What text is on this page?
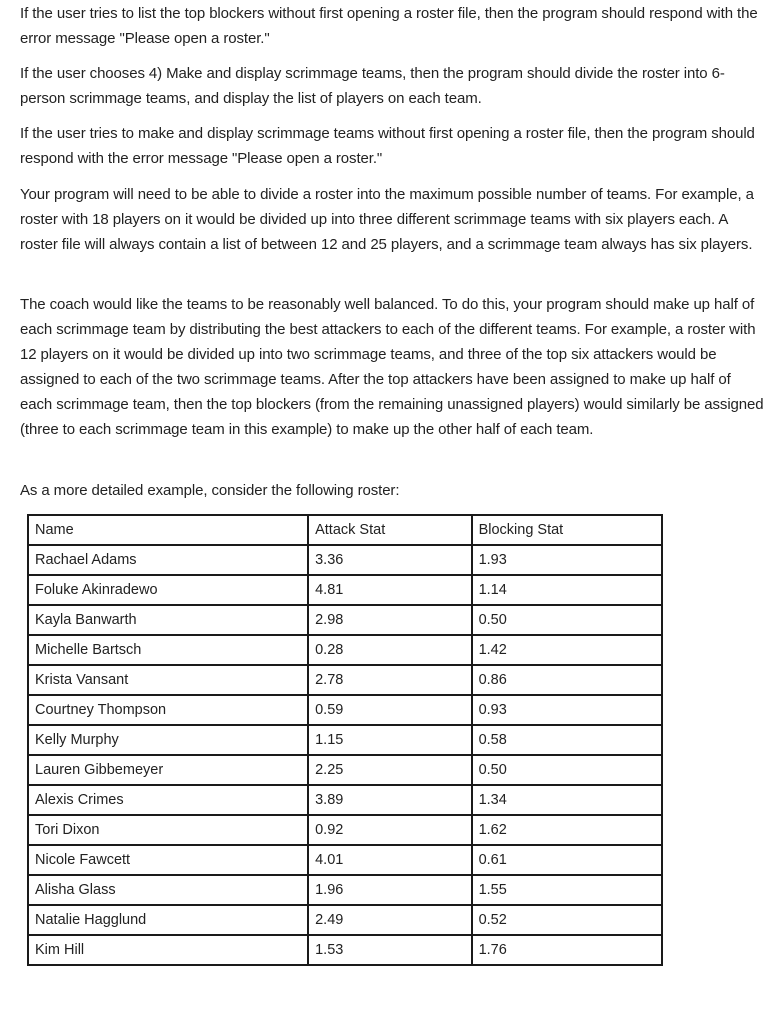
If the user tries to list the top blockers without first opening a roster file, then the program should respond with the error message "Please open a roster."

If the user chooses 4) Make and display scrimmage teams, then the program should divide the roster into 6-person scrimmage teams, and display the list of players on each team.

If the user tries to make and display scrimmage teams without first opening a roster file, then the program should respond with the error message "Please open a roster."

Your program will need to be able to divide a roster into the maximum possible number of teams. For example, a roster with 18 players on it would be divided up into three different scrimmage teams with six players each. A roster file will always contain a list of between 12 and 25 players, and a scrimmage team always has six players.

The coach would like the teams to be reasonably well balanced. To do this, your program should make up half of each scrimmage team by distributing the best attackers to each of the different teams. For example, a roster with 12 players on it would be divided up into two scrimmage teams, and three of the top six attackers would be assigned to each of the two scrimmage teams. After the top attackers have been assigned to make up half of each scrimmage team, then the top blockers (from the remaining unassigned players) would similarly be assigned (three to each scrimmage team in this example) to make up the other half of each team.

As a more detailed example, consider the following roster:

Name	Attack Stat	Blocking Stat
Rachael Adams	3.36	1.93
Foluke Akinradewo	4.81	1.14
Kayla Banwarth	2.98	0.50
Michelle Bartsch	0.28	1.42
Krista Vansant	2.78	0.86
Courtney Thompson	0.59	0.93
Kelly Murphy	1.15	0.58
Lauren Gibbemeyer	2.25	0.50
Alexis Crimes	3.89	1.34
Tori Dixon	0.92	1.62
Nicole Fawcett	4.01	0.61
Alisha Glass	1.96	1.55
Natalie Hagglund	2.49	0.52
Kim Hill	1.53	1.76
